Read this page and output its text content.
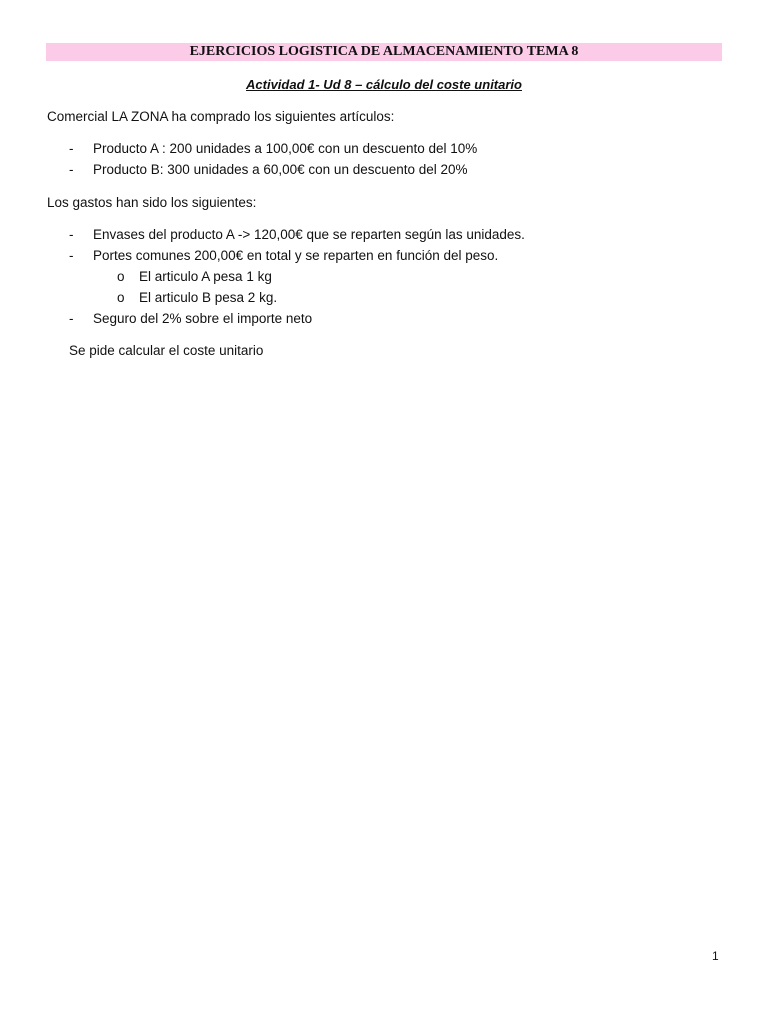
EJERCICIOS LOGISTICA DE ALMACENAMIENTO TEMA 8
Actividad 1- Ud 8 – cálculo del coste unitario
Comercial LA ZONA ha comprado los siguientes artículos:
- Producto A : 200 unidades a 100,00€ con un descuento del 10%
- Producto B: 300 unidades a 60,00€ con un descuento del 20%
Los gastos han sido los siguientes:
- Envases del producto A -> 120,00€ que se reparten según las unidades.
- Portes comunes 200,00€ en total y se reparten en función del peso.
o El articulo A pesa 1 kg
o El articulo B pesa 2 kg.
- Seguro del 2% sobre el importe neto
Se pide calcular el coste unitario
1
